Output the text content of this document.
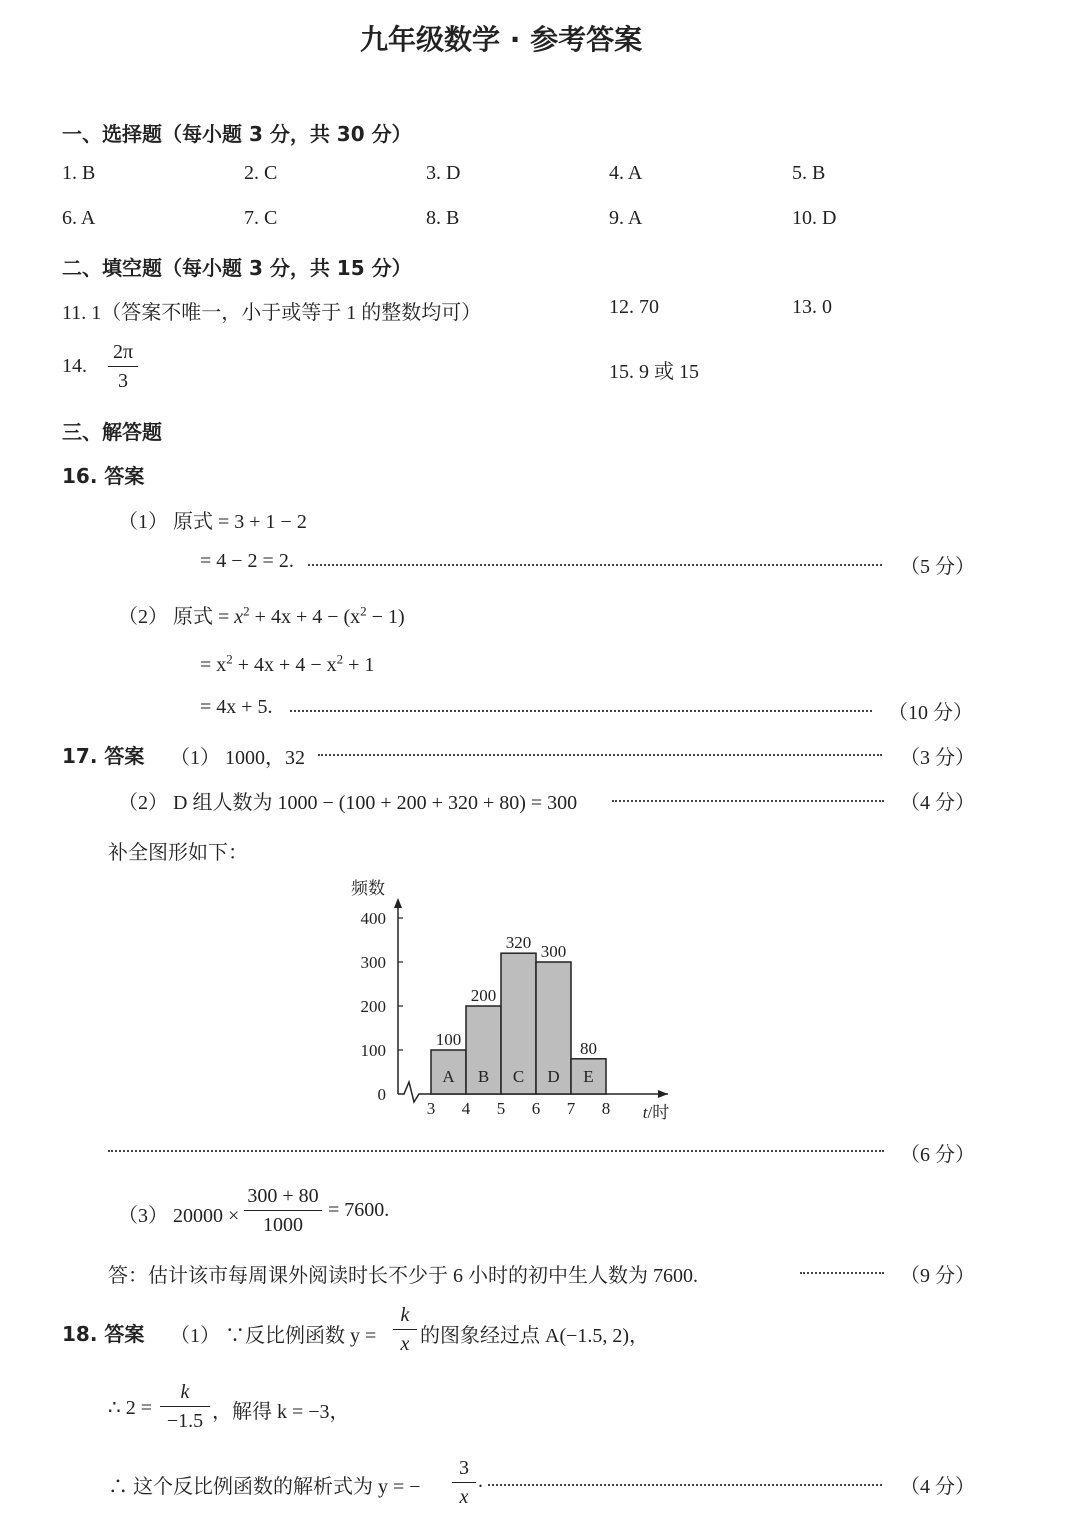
九年级数学 · 参考答案
一、选择题（每小题 3 分，共 30 分）
1. B	2. C	3. D	4. A	5. B
6. A	7. C	8. B	9. A	10. D
二、填空题（每小题 3 分，共 15 分）
11. 1（答案不唯一，小于或等于 1 的整数均可）	12. 70	13. 0
14.
2π
3	15. 9 或 15
三、解答题
16. 答案
（1） 原式 = 3 + 1 − 2
= 4 − 2 = 2.	（5 分）
（2） 原式 = $x^2 + 4x + 4 - (x^2 - 1)$
= $x^2 + 4x + 4 - x^2 + 1$
= 4x + 5.	（10 分）
17. 答案 （1） 1000，32	（3 分）
（2） D 组人数为 1000 − (100 + 200 + 320 + 80) = 300	（4 分）
补全图形如下：
频数
0
100
200
300
400
A
100
B
200
C
320
D
300
E
80
3 4 5 6 7 8 t/时
（6 分）
（3） 20000 ×
300 + 80
1000
= 7600.
答：估计该市每周课外阅读时长不少于 6 小时的初中生人数为 7600.	（9 分）
18. 答案 （1） ∵反比例函数 y =
k
x 的图象经过点 A(−1.5, 2)，
∴ 2 =
k
−1.5 ，解得 k = −3，
∴ 这个反比例函数的解析式为 y = −
3
x
.	（4 分）
